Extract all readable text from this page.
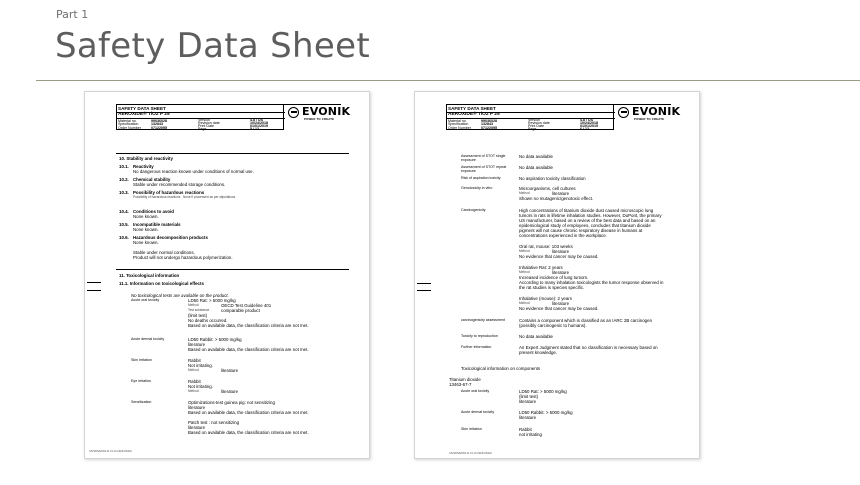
Part 1
Safety Data Sheet
SAFETY DATA SHEET
AEROXIDE® TiO2 P 25
Material no.	99036028
Specification	132843
Order Number	07122095
Version	4.8 / US
Revision date	10/24/2018
Print Date	01/01/2019
Page	5 / 12
EVONIK
POWER TO CREATE
10. Stability and reactivity
10.1. Reactivity
No dangerous reaction known under conditions of normal use.
10.2. Chemical stability
Stable under recommended storage conditions.
10.3. Possibility of hazardous reactions
Possibility of hazardous reactions None if processed as per stipulations
10.4. Conditions to avoid
None known.
10.5. Incompatible materials
None known.
10.6. Hazardous decomposition products
None known.
Stable under normal conditions.
Product will not undergo hazardous polymerization.
11. Toxicological information
11.1. Information on toxicological effects
No toxicological tests are available on the product.
Acute oral toxicity	LD50 Rat: > 5000 mg/kg
Method	OECD Test Guideline 401
Test substance	comparable product
(limit test)
No deaths occurred.
Based on available data, the classification criteria are not met.
Acute dermal toxicity	LD50 Rabbit: > 5000 mg/kg
literature
Based on available data, the classification criteria are not met.
Skin irritation	Rabbit
Not irritating.
Method	literature
Eye irritation	Rabbit
Not irritating.
Method	literature
Sensitization	Optimizations-test guinea pig: not sensitizing
literature
Based on available data, the classification criteria are not met.
Patch test : not sensitizing
literature
Based on available data, the classification criteria are not met.
US/SDS/EP/0141 15.10.2018/US/EN
SAFETY DATA SHEET
AEROXIDE® TiO2 P 25
Material no.	99036028
Specification	132843
Order Number	07122095
Version	4.8 / US
Revision date	10/24/2018
Print Date	01/01/2019
Page	6 / 12
EVONIK
POWER TO CREATE
Assessment of STOT single exposure
No data available
Assessment of STOT repeat exposure
No data available
Risk of aspiration toxicity	No aspiration toxicity classification
Genotoxicity in vitro	Microorganisms, cell cultures
Method	literature
Shown no mutagenic/genotoxic effect.
Carcinogenicity	High concentrations of titanium dioxide dust caused microscopic lung
tumors in rats in lifetime inhalation studies. However, DuPont, the primary
US manufacturer, based on a review of the best data and based on an
epidemiological study of employees, concludes that titanium dioxide
pigment will not cause chronic respiratory disease in humans at
concentrations experienced in the workplace.
Oral rat, mouse: 103 weeks
Method	literature
No evidence that cancer may be caused.
Inhalative Rat: 2 years
Method	literature
Increased incidence of lung tumors.
According to many inhalation toxicologists the tumor response observed in
the rat studies is species specific.
Inhalative (mouse): 2 years
Method	literature
No evidence that cancer may be caused.
carcinogenicity assessment	Contains a component which is classified as an IARC 2B carcinogen
(possibly carcinogenic to humans).
Toxicity to reproduction	No data available
Further information	An Expert Judgment stated that no classification is necessary based on
present knowledge.
Toxicological information on components
Titanium dioxide
13463-67-7
Acute oral toxicity	LD50 Rat: > 5000 mg/kg
(limit test)
literature
Acute dermal toxicity	LD50 Rabbit: > 5000 mg/kg
literature
Skin irritation	Rabbit
not irritating
US/SDS/EP/0141 15.10.2018/US/EN
